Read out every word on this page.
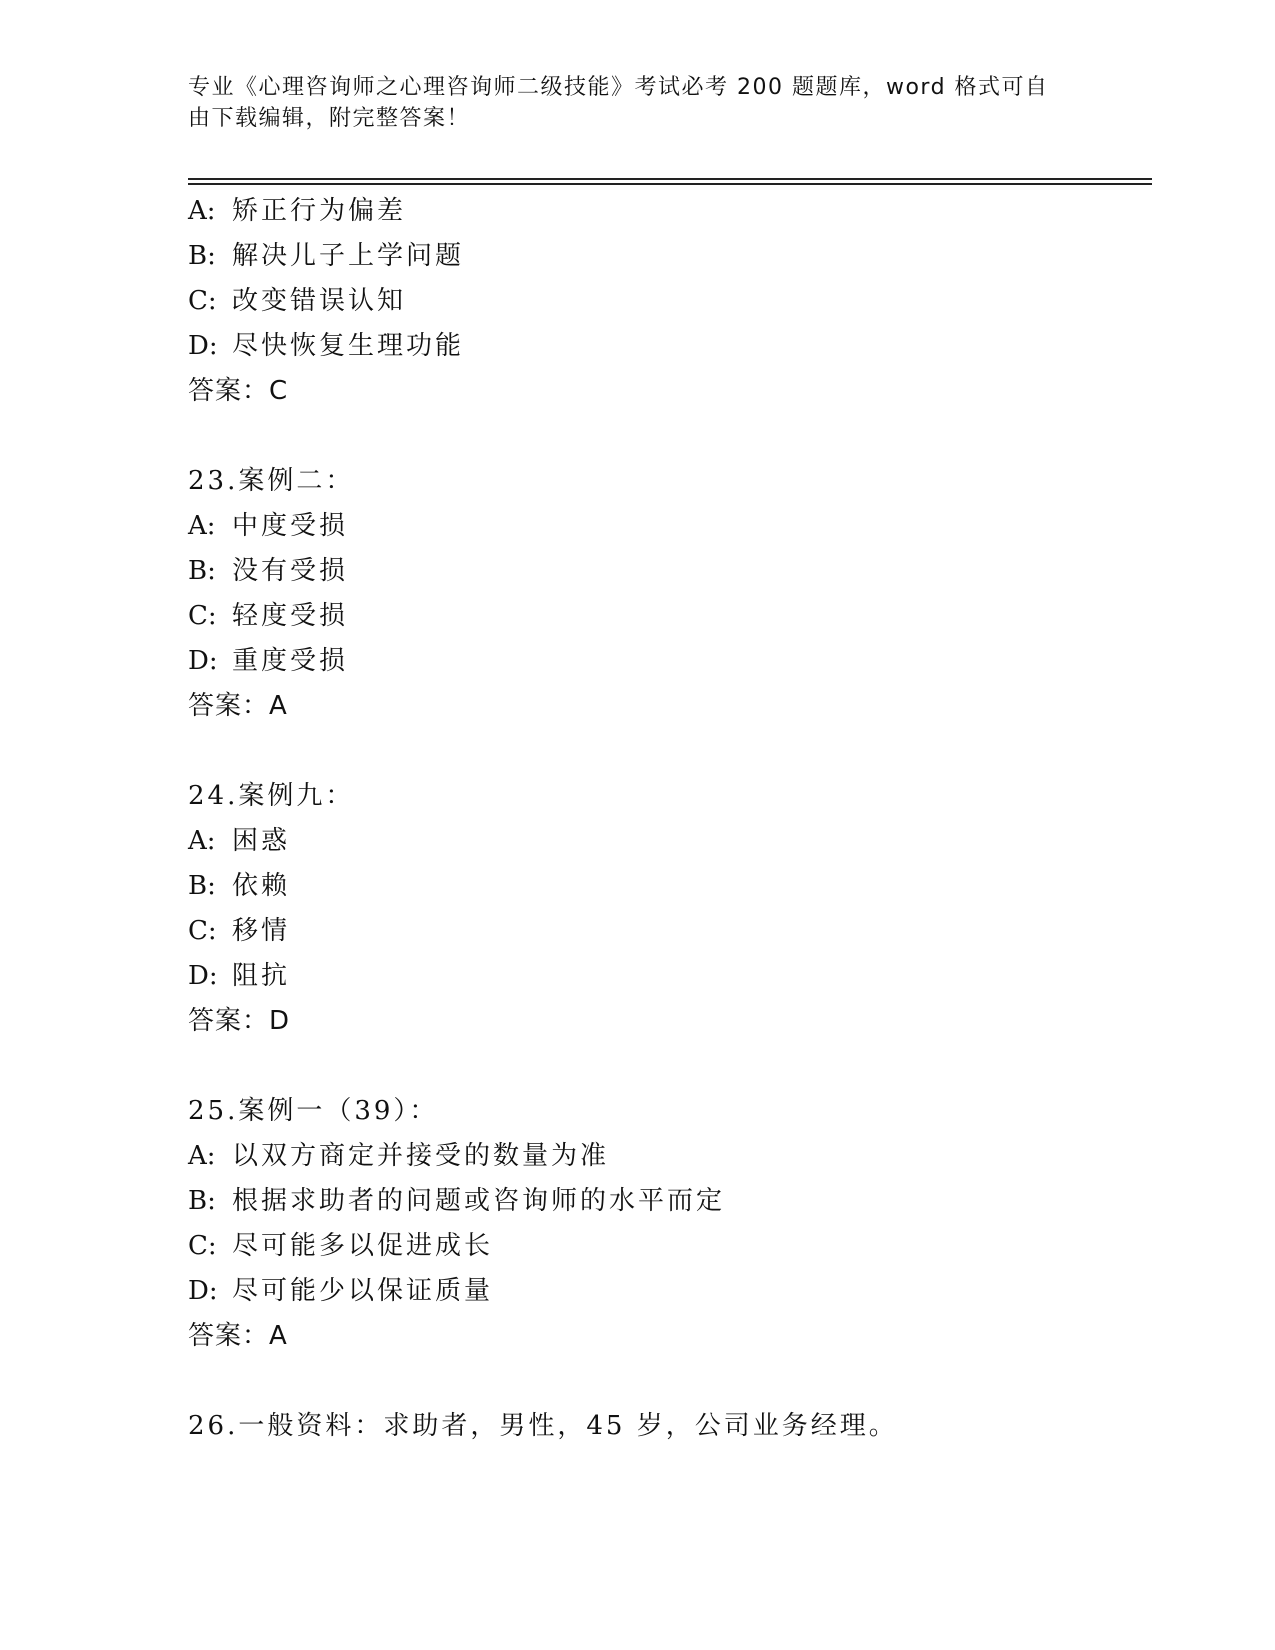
专业《心理咨询师之心理咨询师二级技能》考试必考 200 题题库，word 格式可自
由下载编辑，附完整答案！
A: 矫正行为偏差
B: 解决儿子上学问题
C: 改变错误认知
D: 尽快恢复生理功能
答案：C
23.案例二：
A: 中度受损
B: 没有受损
C: 轻度受损
D: 重度受损
答案：A
24.案例九：
A: 困惑
B: 依赖
C: 移情
D: 阻抗
答案：D
25.案例一（39）：
A: 以双方商定并接受的数量为准
B: 根据求助者的问题或咨询师的水平而定
C: 尽可能多以促进成长
D: 尽可能少以保证质量
答案：A
26.一般资料：求助者，男性，45 岁，公司业务经理。
